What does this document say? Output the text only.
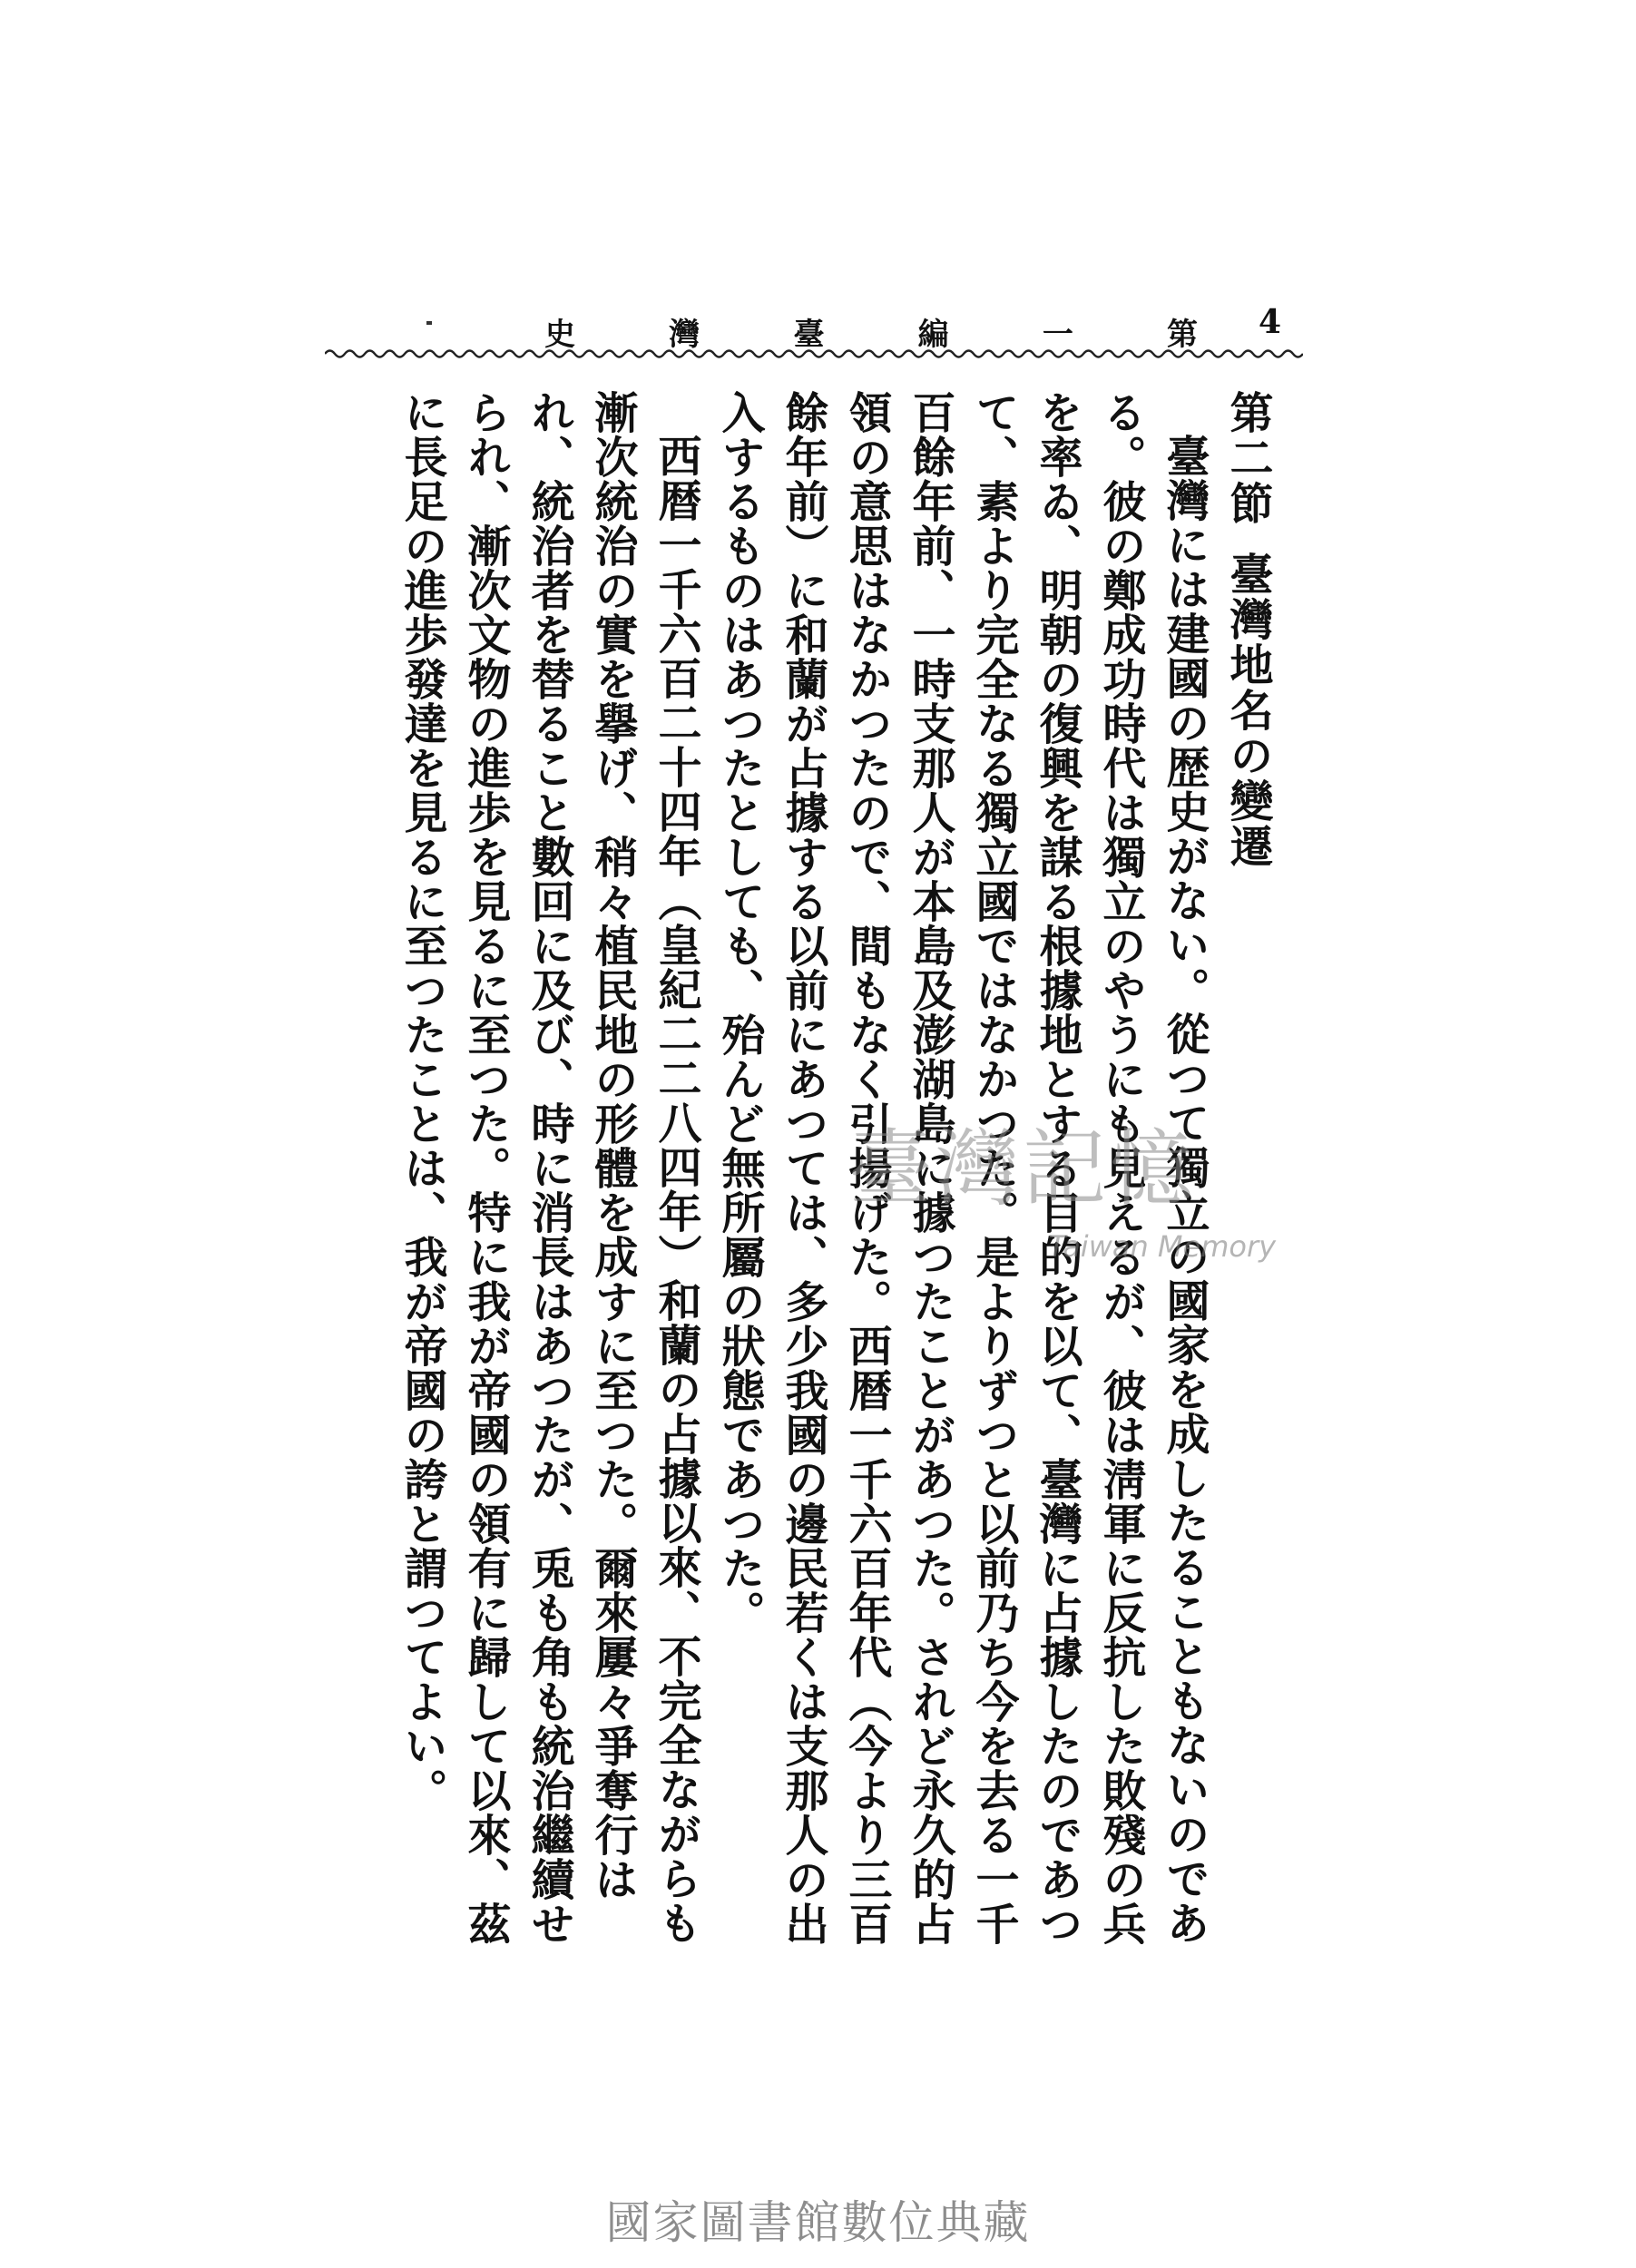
第
一
編
臺
灣
史	4
第二節臺灣地名の變遷

臺灣には建國の歴史がない。從つて獨立の國家を成したることもないのである。彼の鄭成功時代は獨立のやうにも見えるが、彼は淸軍に反抗した敗殘の兵を率ゐ、明朝の復興を謀る根據地とする目的を以て、臺灣に占據したのであつて、素より完全なる獨立國ではなかつた。是よりずつと以前乃ち今を去る一千百餘年前、一時支那人が本島及澎湖島に據つたことがあつた。されど永久的占領の意思はなかつたので、間もなく引揚げた。西暦一千六百年代（今より三百餘年前）に和蘭が占據する以前にあつては、多少我國の邊民若くは支那人の出入するものはあつたとしても、殆んど無所屬の狀態であつた。

西暦一千六百二十四年（皇紀二二八四年）和蘭の占據以來、不完全ながらも漸次統治の實を擧げ、稍々植民地の形體を成すに至つた。爾來屢々爭奪行はれ、統治者を替ること數回に及び、時に消長はあつたが、兎も角も統治繼續せられ、漸次文物の進歩を見るに至つた。特に我が帝國の領有に歸して以來、茲に長足の進歩發達を見るに至つたことは、我が帝國の誇と謂つてよい。	臺灣記憶
Taiwan Memory
國家圖書館數位典藏
